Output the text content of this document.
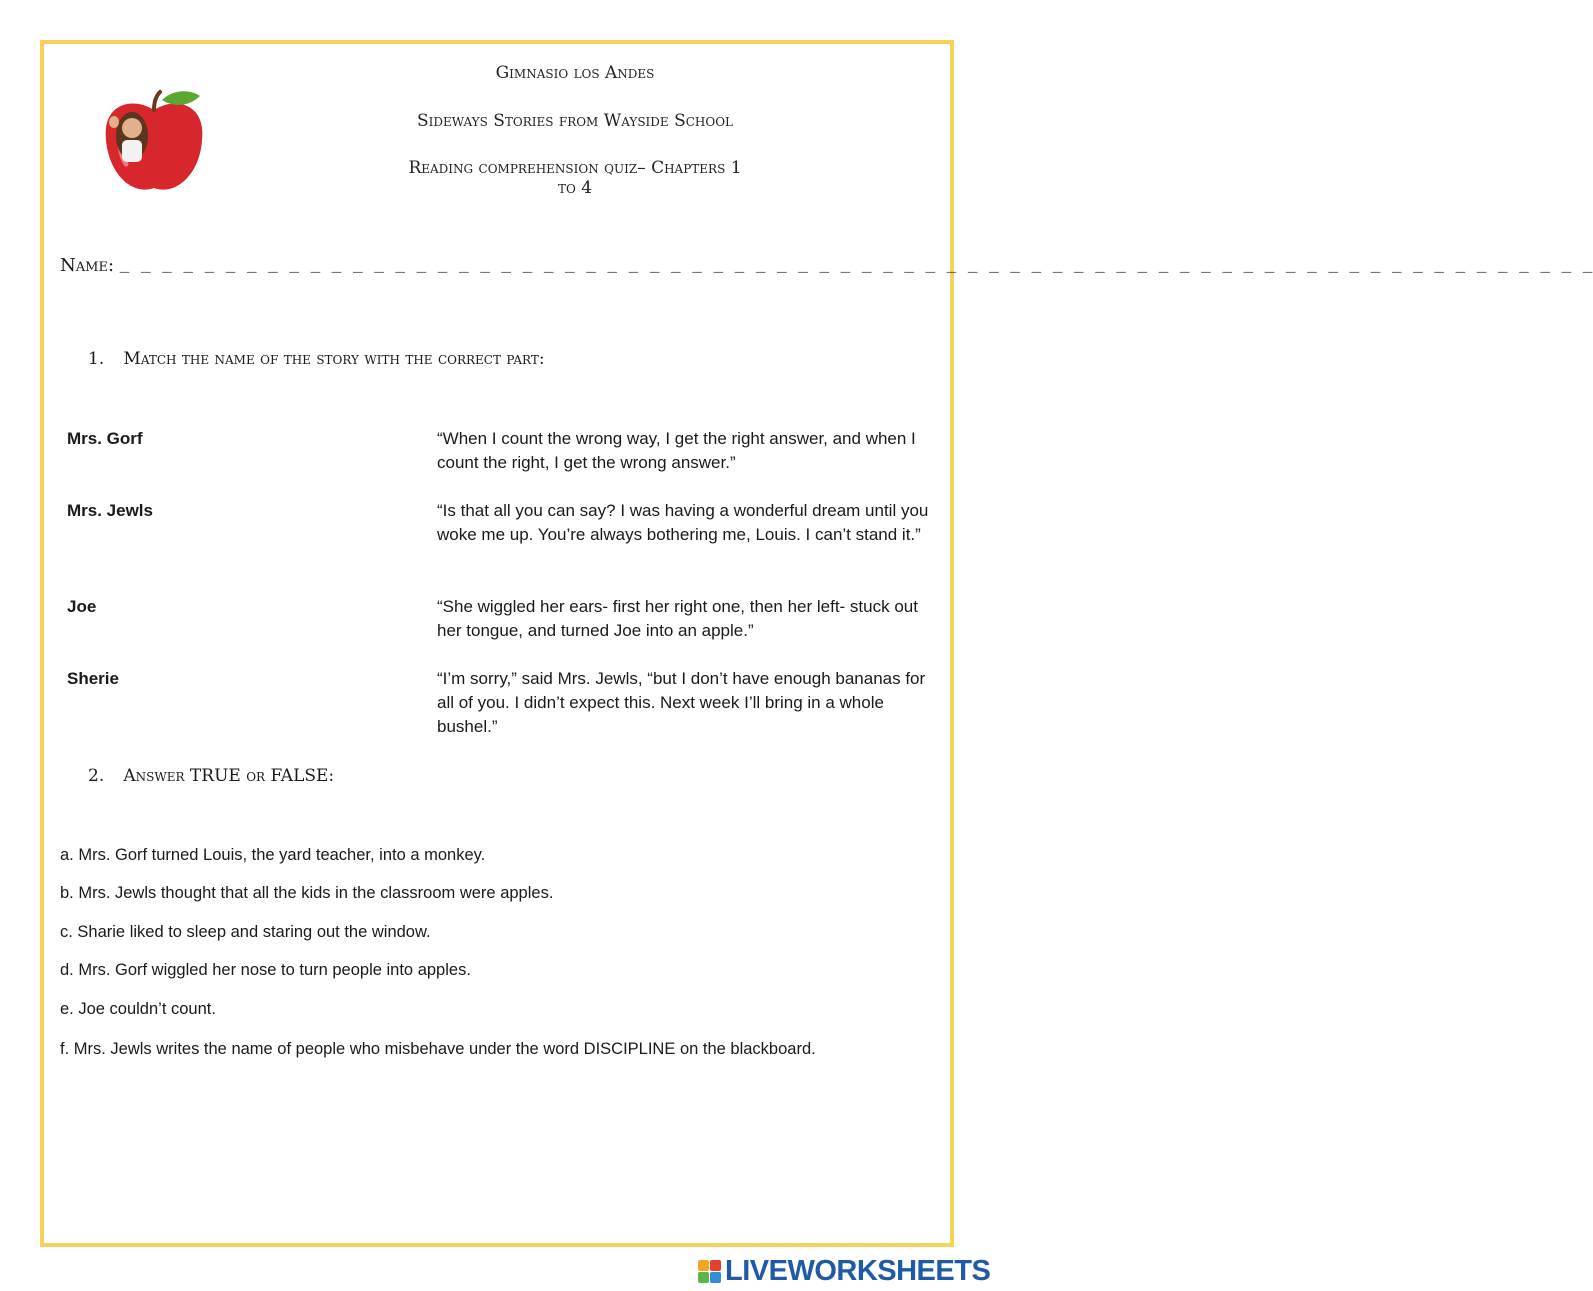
Gimnasio los Andes
Sideways Stories from Wayside School
Reading comprehension quiz– Chapters 1 to 4
Name: _ _ _ _ _ _ _ _ _ _ _ _ _ _ _ _ _ _ _ _ _ _ _ _ _ _ _ _ _ _ _ _ _ _ _ _ _ _ _ _ _ _ _ _ _ _ _ _ _ _ _ _ _ _ _ _ _ _ _ _ _ _ _ _ _ _ _ _ _ _
1. Match the name of the story with the correct part:
Mrs. Gorf	“When I count the wrong way, I get the right answer, and when I count the right, I get the wrong answer.”
Mrs. Jewls	“Is that all you can say? I was having a wonderful dream until you woke me up. You’re always bothering me, Louis. I can’t stand it.”
Joe	“She wiggled her ears- first her right one, then her left- stuck out her tongue, and turned Joe into an apple.”
Sherie	“I’m sorry,” said Mrs. Jewls, “but I don’t have enough bananas for all of you. I didn’t expect this. Next week I’ll bring in a whole bushel.”
2. Answer TRUE or FALSE:
a. Mrs. Gorf turned Louis, the yard teacher, into a monkey.
b. Mrs. Jewls thought that all the kids in the classroom were apples.
c. Sharie liked to sleep and staring out the window.
d. Mrs. Gorf wiggled her nose to turn people into apples.
e. Joe couldn’t count.
f. Mrs. Jewls writes the name of people who misbehave under the word DISCIPLINE on the blackboard.
LIVEWORKSHEETS
